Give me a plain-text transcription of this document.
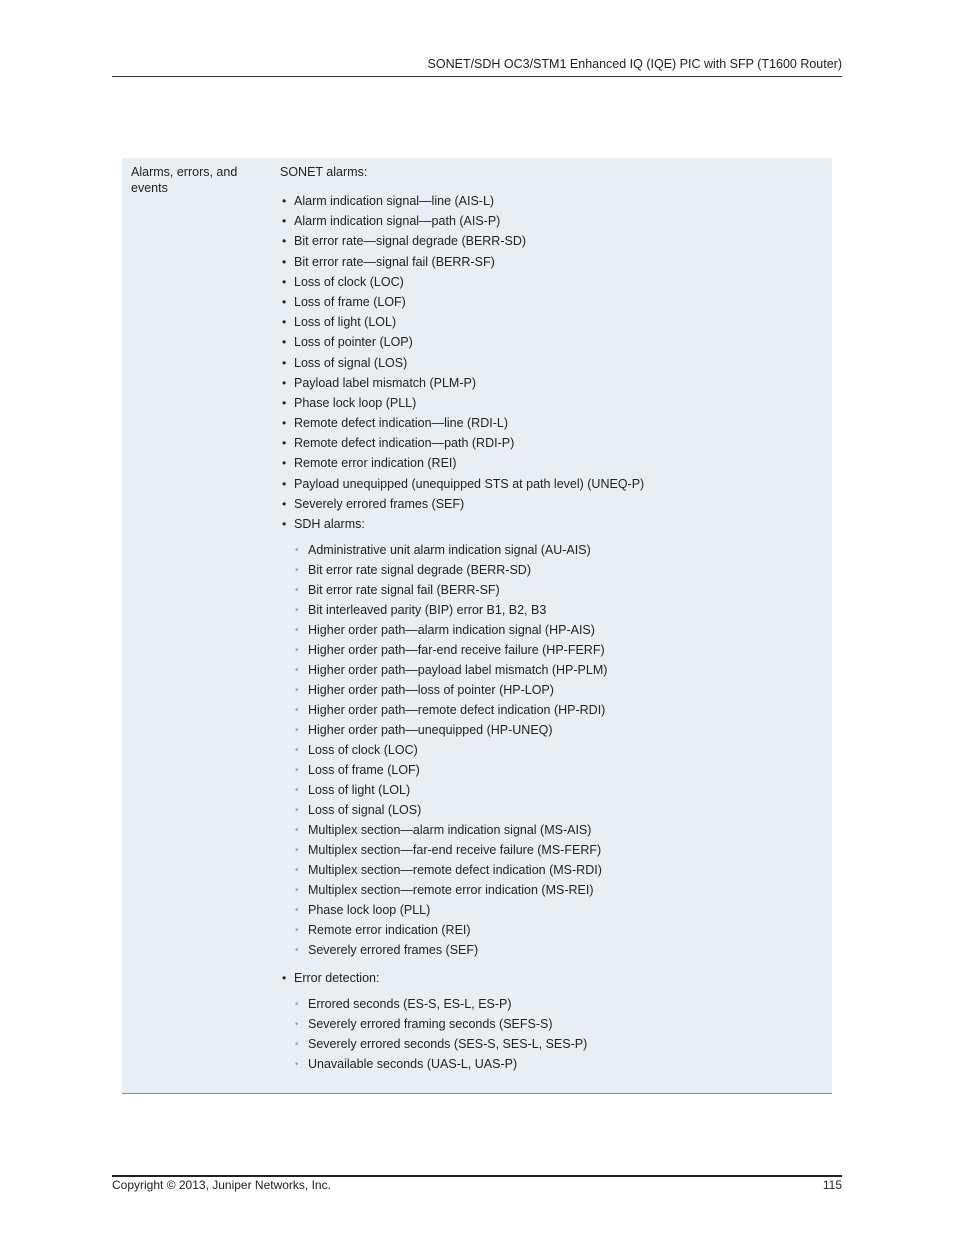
SONET/SDH OC3/STM1 Enhanced IQ (IQE) PIC with SFP (T1600 Router)
Alarms, errors, and events
SONET alarms:
• Alarm indication signal—line (AIS-L)
• Alarm indication signal—path (AIS-P)
• Bit error rate—signal degrade (BERR-SD)
• Bit error rate—signal fail (BERR-SF)
• Loss of clock (LOC)
• Loss of frame (LOF)
• Loss of light (LOL)
• Loss of pointer (LOP)
• Loss of signal (LOS)
• Payload label mismatch (PLM-P)
• Phase lock loop (PLL)
• Remote defect indication—line (RDI-L)
• Remote defect indication—path (RDI-P)
• Remote error indication (REI)
• Payload unequipped (unequipped STS at path level) (UNEQ-P)
• Severely errored frames (SEF)
• SDH alarms:
• Administrative unit alarm indication signal (AU-AIS)
• Bit error rate signal degrade (BERR-SD)
• Bit error rate signal fail (BERR-SF)
• Bit interleaved parity (BIP) error B1, B2, B3
• Higher order path—alarm indication signal (HP-AIS)
• Higher order path—far-end receive failure (HP-FERF)
• Higher order path—payload label mismatch (HP-PLM)
• Higher order path—loss of pointer (HP-LOP)
• Higher order path—remote defect indication (HP-RDI)
• Higher order path—unequipped (HP-UNEQ)
• Loss of clock (LOC)
• Loss of frame (LOF)
• Loss of light (LOL)
• Loss of signal (LOS)
• Multiplex section—alarm indication signal (MS-AIS)
• Multiplex section—far-end receive failure (MS-FERF)
• Multiplex section—remote defect indication (MS-RDI)
• Multiplex section—remote error indication (MS-REI)
• Phase lock loop (PLL)
• Remote error indication (REI)
• Severely errored frames (SEF)
• Error detection:
• Errored seconds (ES-S, ES-L, ES-P)
• Severely errored framing seconds (SEFS-S)
• Severely errored seconds (SES-S, SES-L, SES-P)
• Unavailable seconds (UAS-L, UAS-P)
Copyright © 2013, Juniper Networks, Inc.	115
